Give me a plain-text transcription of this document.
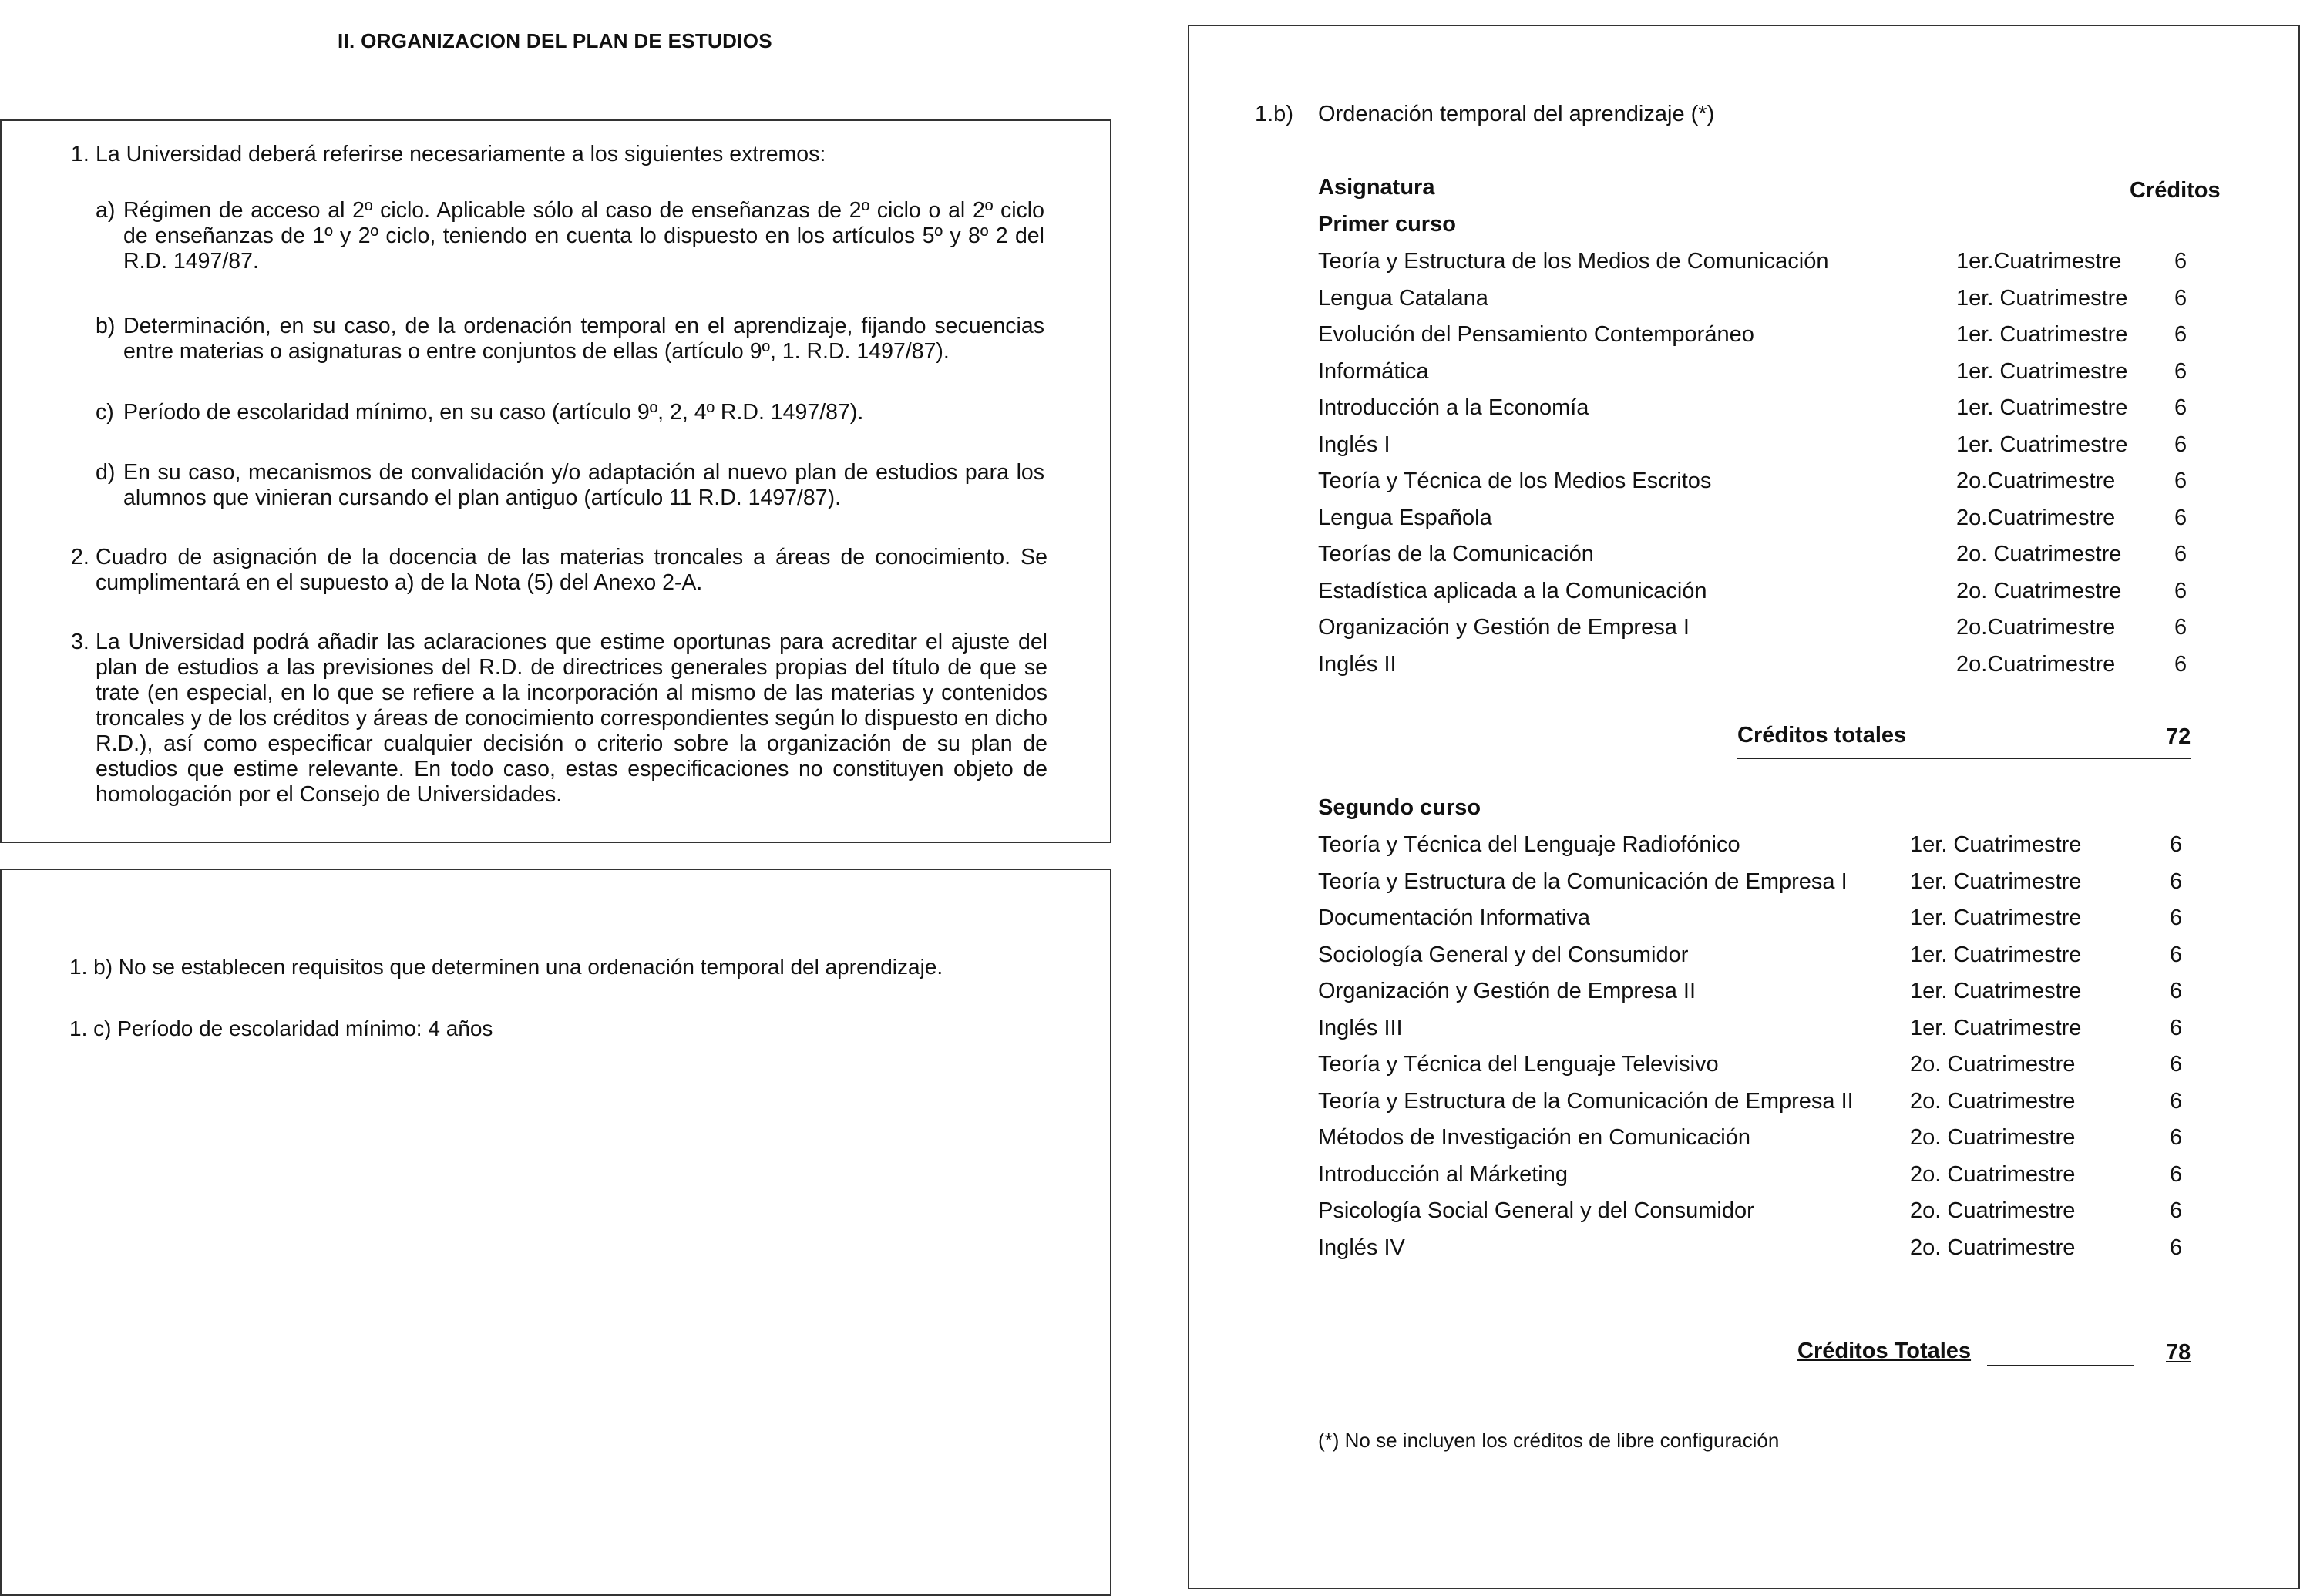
II. ORGANIZACION DEL PLAN DE ESTUDIOS
1. La Universidad deberá referirse necesariamente a los siguientes extremos:
a) Régimen de acceso al 2º ciclo. Aplicable sólo al caso de enseñanzas de 2º ciclo o al 2º ciclo de enseñanzas de 1º y 2º ciclo, teniendo en cuenta lo dispuesto en los artículos 5º y 8º 2 del R.D. 1497/87.
b) Determinación, en su caso, de la ordenación temporal en el aprendizaje, fijando secuencias entre materias o asignaturas o entre conjuntos de ellas (artículo 9º, 1. R.D. 1497/87).
c) Período de escolaridad mínimo, en su caso (artículo 9º, 2, 4º R.D. 1497/87).
d) En su caso, mecanismos de convalidación y/o adaptación al nuevo plan de estudios para los alumnos que vinieran cursando el plan antiguo (artículo 11 R.D. 1497/87).
2. Cuadro de asignación de la docencia de las materias troncales a áreas de conocimiento. Se cumplimentará en el supuesto a) de la Nota (5) del Anexo 2-A.
3. La Universidad podrá añadir las aclaraciones que estime oportunas para acreditar el ajuste del plan de estudios a las previsiones del R.D. de directrices generales propias del título de que se trate (en especial, en lo que se refiere a la incorporación al mismo de las materias y contenidos troncales y de los créditos y áreas de conocimiento correspondientes según lo dispuesto en dicho R.D.), así como especificar cualquier decisión o criterio sobre la organización de su plan de estudios que estime relevante. En todo caso, estas especificaciones no constituyen objeto de homologación por el Consejo de Universidades.
1. b) No se establecen requisitos que determinen una ordenación temporal del aprendizaje.
1. c) Período de escolaridad mínimo: 4 años
1.b) Ordenación temporal del aprendizaje (*)
Asignatura	Créditos
Primer curso
Teoría y Estructura de los Medios de Comunicación	1er.Cuatrimestre 6
Lengua Catalana	1er. Cuatrimestre 6
Evolución del Pensamiento Contemporáneo	1er. Cuatrimestre 6
Informática	1er. Cuatrimestre 6
Introducción a la Economía	1er. Cuatrimestre 6
Inglés I	1er. Cuatrimestre 6
Teoría y Técnica de los Medios Escritos	2o.Cuatrimestre	6
Lengua Española	2o.Cuatrimestre	6
Teorías de la Comunicación	2o. Cuatrimestre 6
Estadística aplicada a la Comunicación	2o. Cuatrimestre 6
Organización y Gestión de Empresa I	2o.Cuatrimestre	6
Inglés II	2o.Cuatrimestre	6
Créditos totales	72
Segundo curso
Teoría y Técnica del Lenguaje Radiofónico	1er. Cuatrimestre	6
Teoría y Estructura de la Comunicación de Empresa I	1er. Cuatrimestre	6
Documentación Informativa	1er. Cuatrimestre	6
Sociología General y del Consumidor	1er. Cuatrimestre	6
Organización y Gestión de Empresa II	1er. Cuatrimestre	6
Inglés III	1er. Cuatrimestre	6
Teoría y Técnica del Lenguaje Televisivo	2o. Cuatrimestre	6
Teoría y Estructura de la Comunicación de Empresa II	2o. Cuatrimestre	6
Métodos de Investigación en Comunicación	2o. Cuatrimestre	6
Introducción al Márketing	2o. Cuatrimestre	6
Psicología Social General y del Consumidor	2o. Cuatrimestre	6
Inglés IV	2o. Cuatrimestre	6
Créditos Totales	78
(*) No se incluyen los créditos de libre configuración
